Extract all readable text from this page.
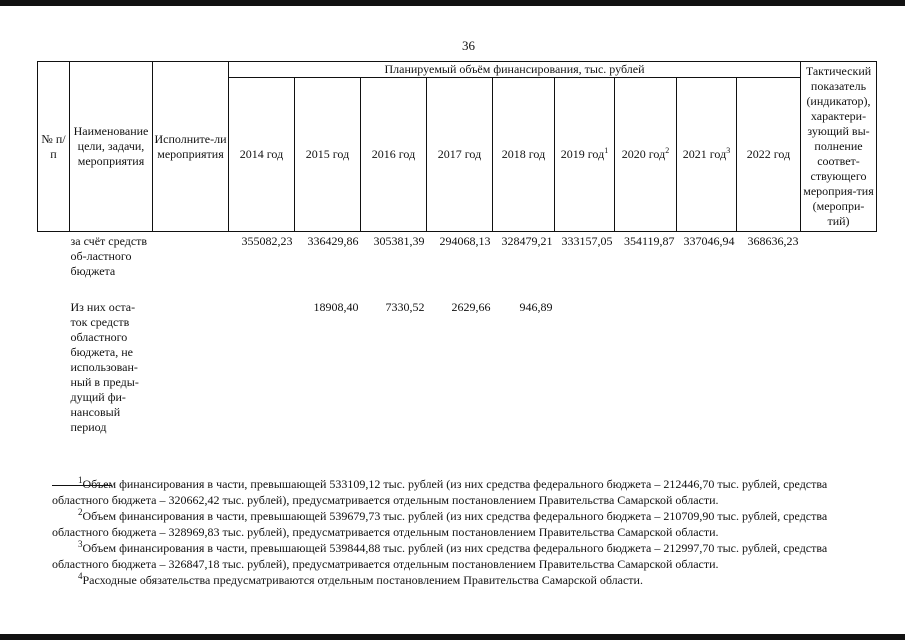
36
№ п/п	Наименование цели, задачи, мероприятия	Исполните-ли мероприятия	Планируемый объём финансирования, тыс. рублей									Тактический показатель (индикатор), характери-зующий вы-полнение соответ-ствующего мероприя-тия (меропри-тий)
			2014 год	2015 год	2016 год	2017 год	2018 год	2019 год$^1$	2020 год$^2$	2021 год$^3$	2022 год	
	за счёт средств об-ластного бюджета		355082,23	336429,86	305381,39	294068,13	328479,21	333157,05	354119,87	337046,94	368636,23	
	Из них оста-ток средств областного бюджета, не использован-ный в преды-дущий фи-нансовый период			18908,40	7330,52	2629,66	946,89					

$^1$Объем финансирования в части, превышающей 533109,12 тыс. рублей (из них средства федерального бюджета – 212446,70 тыс. рублей, средства областного бюджета – 320662,42 тыс. рублей), предусматривается отдельным постановлением Правительства Самарской области.

$^2$Объем финансирования в части, превышающей 539679,73 тыс. рублей (из них средства федерального бюджета – 210709,90 тыс. рублей, средства областного бюджета – 328969,83 тыс. рублей), предусматривается отдельным постановлением Правительства Самарской области.

$^3$Объем финансирования в части, превышающей 539844,88 тыс. рублей (из них средства федерального бюджета – 212997,70 тыс. рублей, средства областного бюджета – 326847,18 тыс. рублей), предусматривается отдельным постановлением Правительства Самарской области.

$^4$Расходные обязательства предусматриваются отдельным постановлением Правительства Самарской области.
